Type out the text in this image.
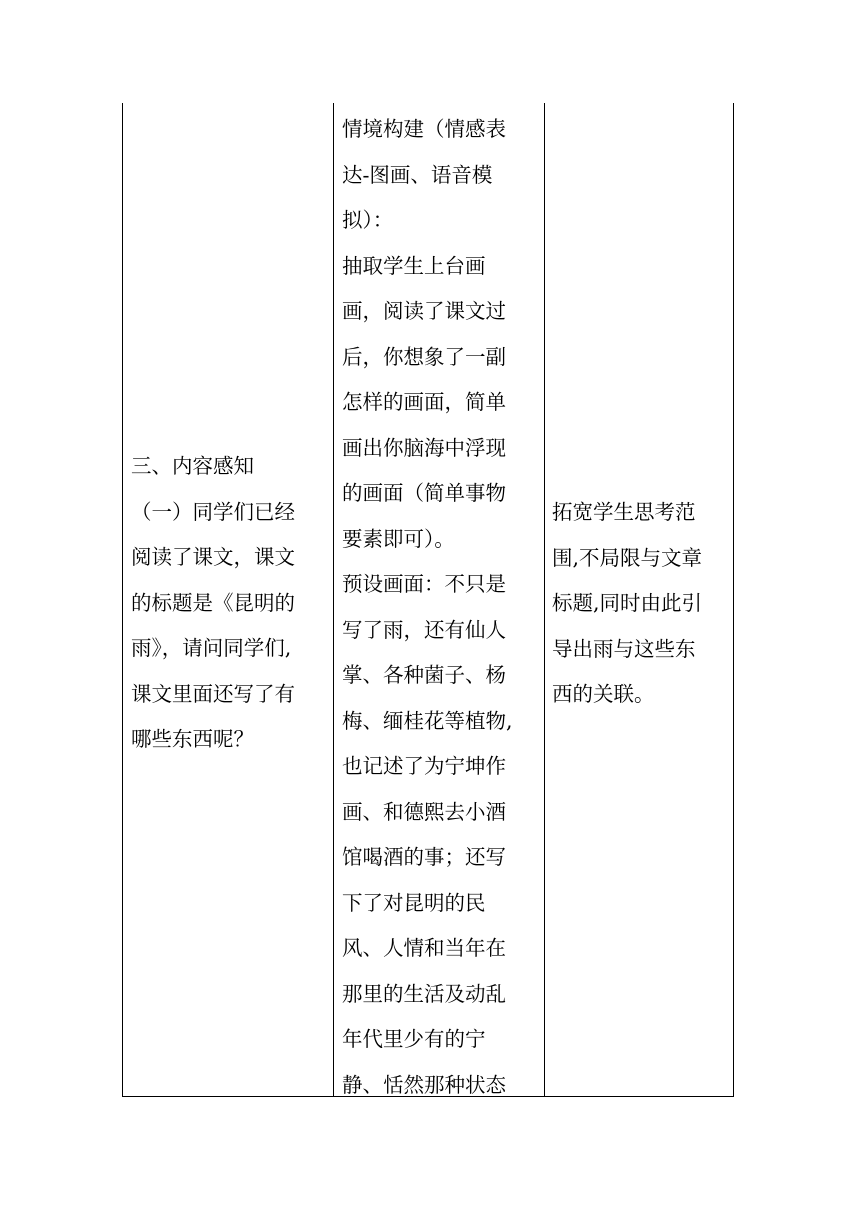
三、内容感知
（一）同学们已经
阅读了课文，课文
的标题是《昆明的
雨》，请问同学们,
课文里面还写了有
哪些东西呢？
情境构建（情感表
达-图画、语音模
拟）：
抽取学生上台画
画，阅读了课文过
后，你想象了一副
怎样的画面，简单
画出你脑海中浮现
的画面（简单事物
要素即可）。
预设画面：不只是
写了雨，还有仙人
掌、各种菌子、杨
梅、缅桂花等植物,
也记述了为宁坤作
画、和德熙去小酒
馆喝酒的事；还写
下了对昆明的民
风、人情和当年在
那里的生活及动乱
年代里少有的宁
静、恬然那种状态
拓宽学生思考范
围,不局限与文章
标题,同时由此引
导出雨与这些东
西的关联。
